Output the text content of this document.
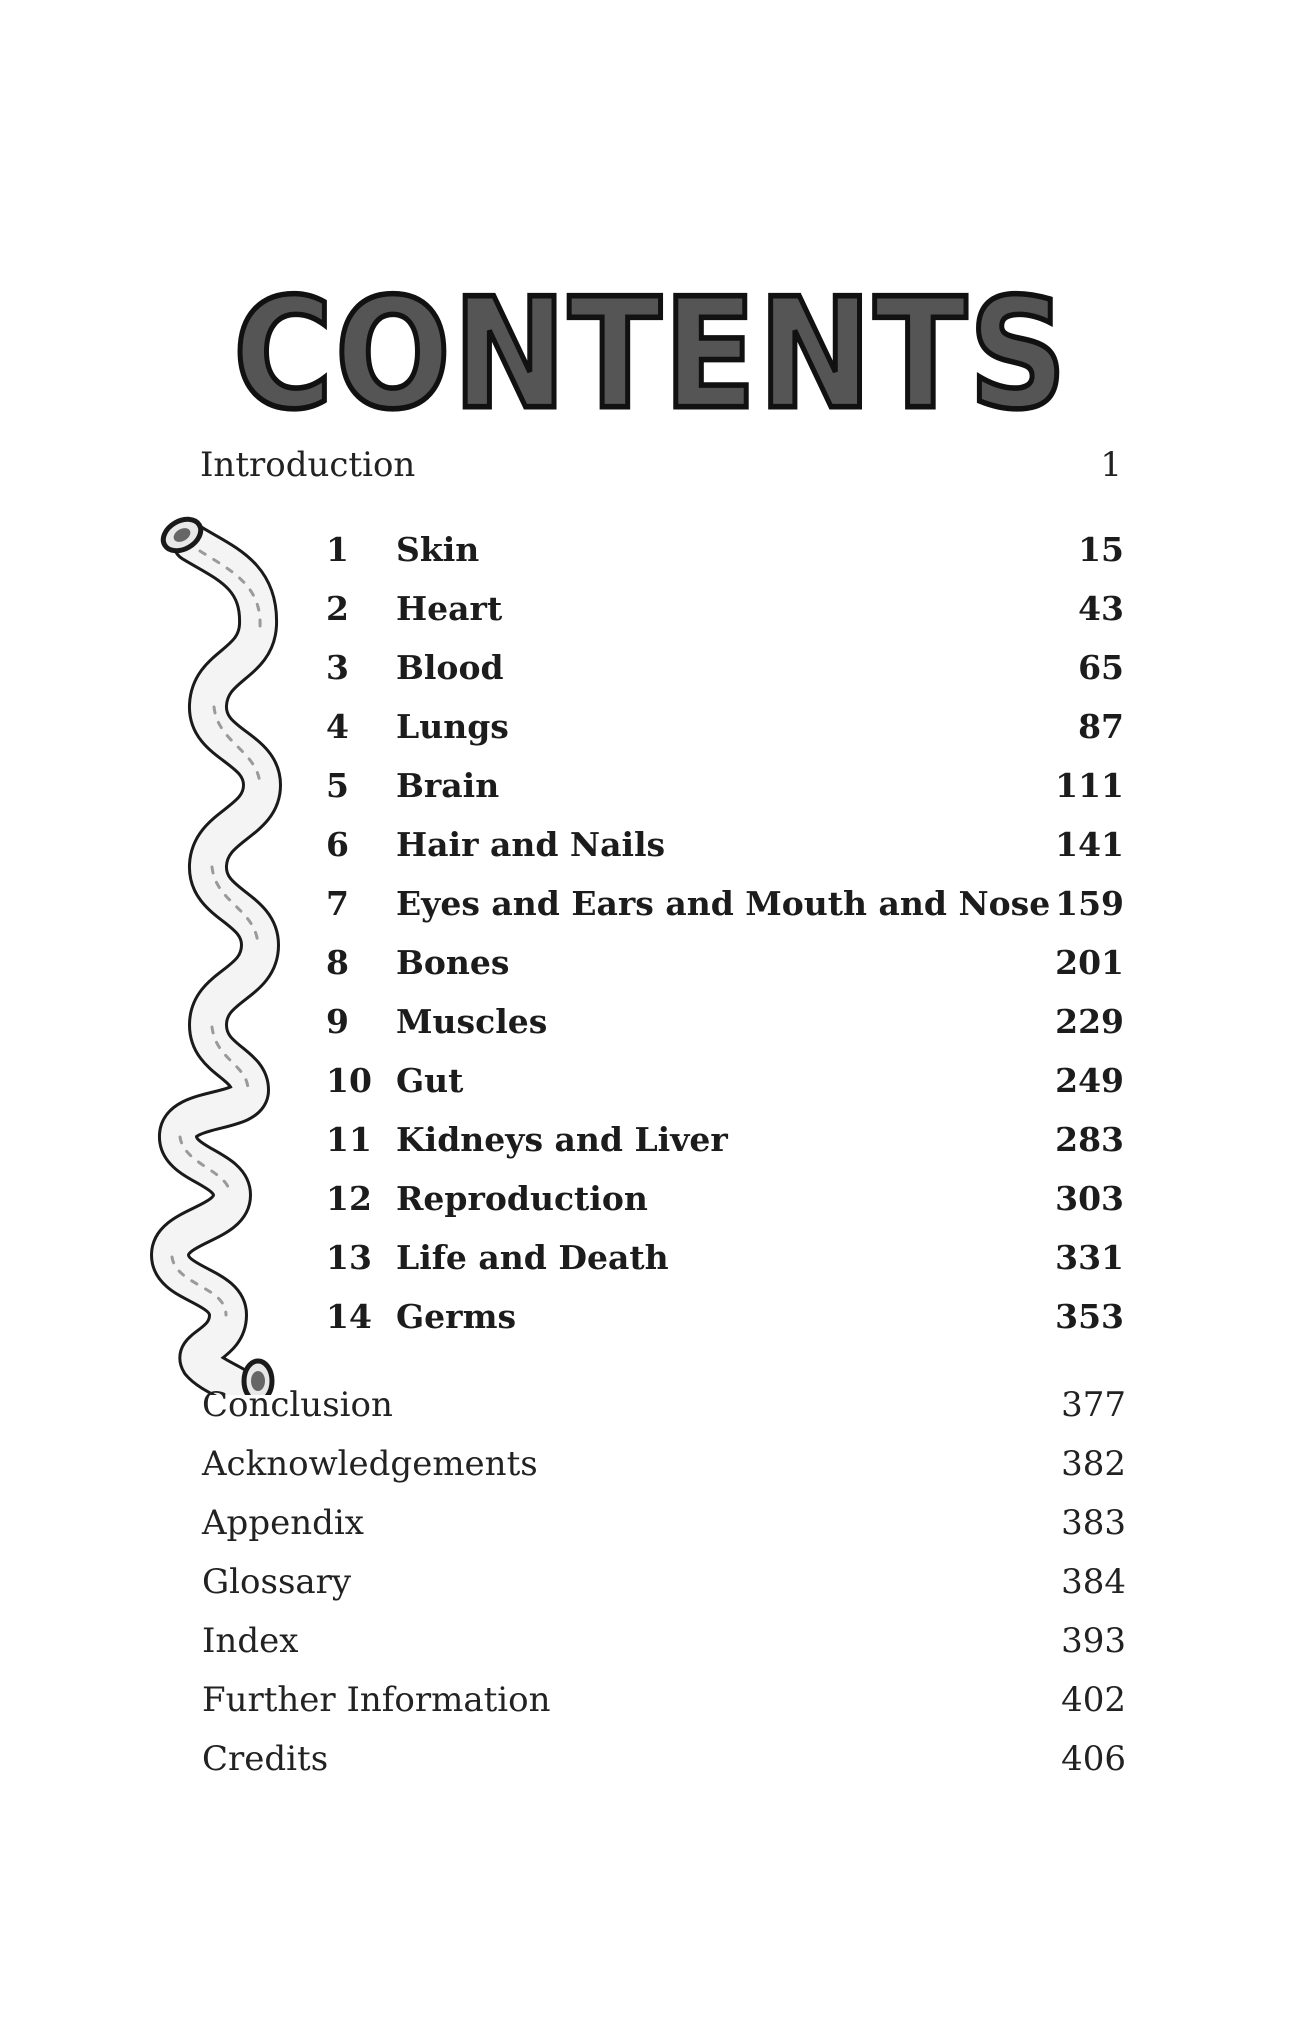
CONTENTS
Introduction	1
1 Skin	15
2 Heart	43
3 Blood	65
4 Lungs	87
5 Brain	111
6 Hair and Nails	141
7 Eyes and Ears and Mouth and Nose 159
8 Bones	201
9 Muscles	229
10 Gut	249
11 Kidneys and Liver	283
12 Reproduction	303
13 Life and Death	331
14 Germs	353
Conclusion	377
Acknowledgements	382
Appendix	383
Glossary	384
Index	393
Further Information	402
Credits	406
